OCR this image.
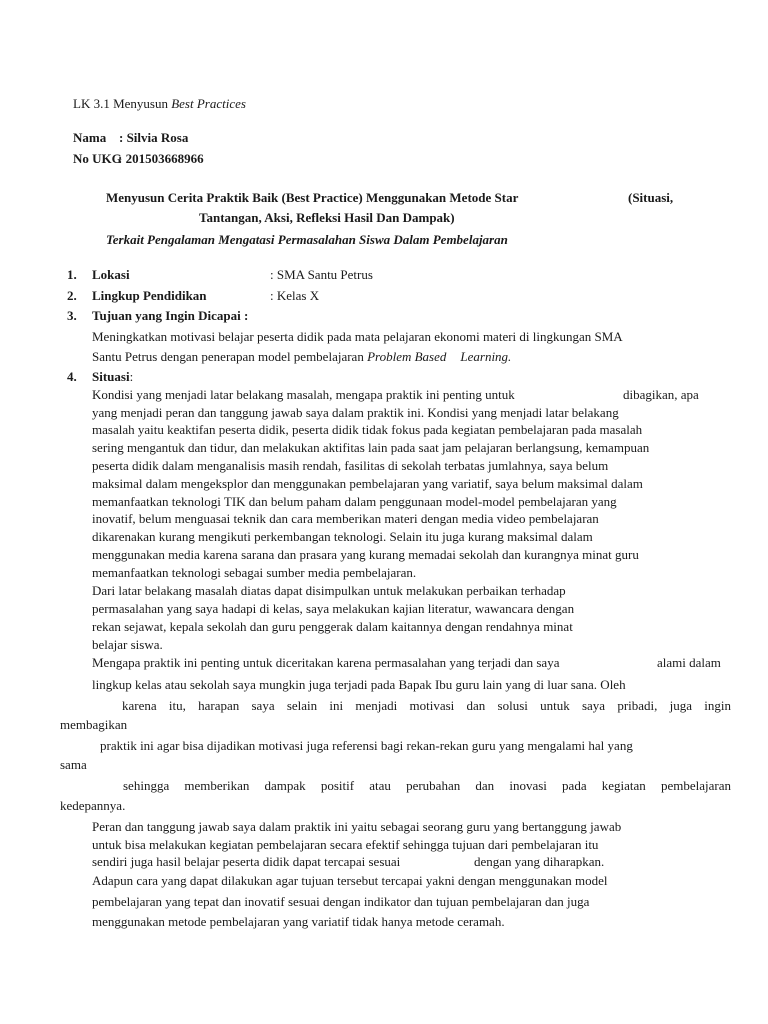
LK 3.1 Menyusun Best Practices
Nama : Silvia Rosa
No UKG
: 201503668966
Menyusun Cerita Praktik Baik (Best Practice) Menggunakan Metode Star	(Situasi,
Tantangan, Aksi, Refleksi Hasil Dan Dampak)
Terkait Pengalaman Mengatasi Permasalahan Siswa Dalam Pembelajaran
1. Lokasi	: SMA Santu Petrus
2. Lingkup Pendidikan	: Kelas X
3. Tujuan yang Ingin Dicapai :
Meningkatkan motivasi belajar peserta didik pada mata pelajaran ekonomi materi di lingkungan SMA
Santu Petrus dengan penerapan model pembelajaran Problem Based Learning.
4. Situasi:
Kondisi yang menjadi latar belakang masalah, mengapa praktik ini penting untuk	dibagikan, apa
yang menjadi peran dan tanggung jawab saya dalam praktik ini. Kondisi yang menjadi latar belakang
masalah yaitu keaktifan peserta didik, peserta didik tidak fokus pada kegiatan pembelajaran pada masalah
sering mengantuk dan tidur, dan melakukan aktifitas lain pada saat jam pelajaran berlangsung, kemampuan
peserta didik dalam menganalisis masih rendah, fasilitas di sekolah terbatas jumlahnya, saya belum
maksimal dalam mengeksplor dan menggunakan pembelajaran yang variatif, saya belum maksimal dalam
memanfaatkan teknologi TIK dan belum paham dalam penggunaan model-model pembelajaran yang
inovatif, belum menguasai teknik dan cara memberikan materi dengan media video pembelajaran
dikarenakan kurang mengikuti perkembangan teknologi. Selain itu juga kurang maksimal dalam
menggunakan media karena sarana dan prasara yang kurang memadai sekolah dan kurangnya minat guru
memanfaatkan teknologi sebagai sumber media pembelajaran.
Dari latar belakang masalah diatas dapat disimpulkan untuk melakukan perbaikan terhadap
permasalahan yang saya hadapi di kelas, saya melakukan kajian literatur, wawancara dengan
rekan sejawat, kepala sekolah dan guru penggerak dalam kaitannya dengan rendahnya minat
belajar siswa.
Mengapa praktik ini penting untuk diceritakan karena permasalahan yang terjadi dan saya	alami dalam
lingkup kelas atau sekolah saya mungkin juga terjadi pada Bapak Ibu guru lain yang di luar sana. Oleh
karena itu, harapan saya selain ini menjadi motivasi dan solusi untuk saya pribadi, juga ingin
membagikan
praktik ini agar bisa dijadikan motivasi juga referensi bagi rekan-rekan guru yang mengalami hal yang
sama
sehingga memberikan dampak positif atau perubahan dan inovasi pada kegiatan pembelajaran
kedepannya.
Peran dan tanggung jawab saya dalam praktik ini yaitu sebagai seorang guru yang bertanggung jawab
untuk bisa melakukan kegiatan pembelajaran secara efektif sehingga tujuan dari pembelajaran itu
sendiri juga hasil belajar peserta didik dapat tercapai sesuai	dengan yang diharapkan.
Adapun cara yang dapat dilakukan agar tujuan tersebut tercapai yakni dengan menggunakan model
pembelajaran yang tepat dan inovatif sesuai dengan indikator dan tujuan pembelajaran dan juga
menggunakan metode pembelajaran yang variatif tidak hanya metode ceramah.
